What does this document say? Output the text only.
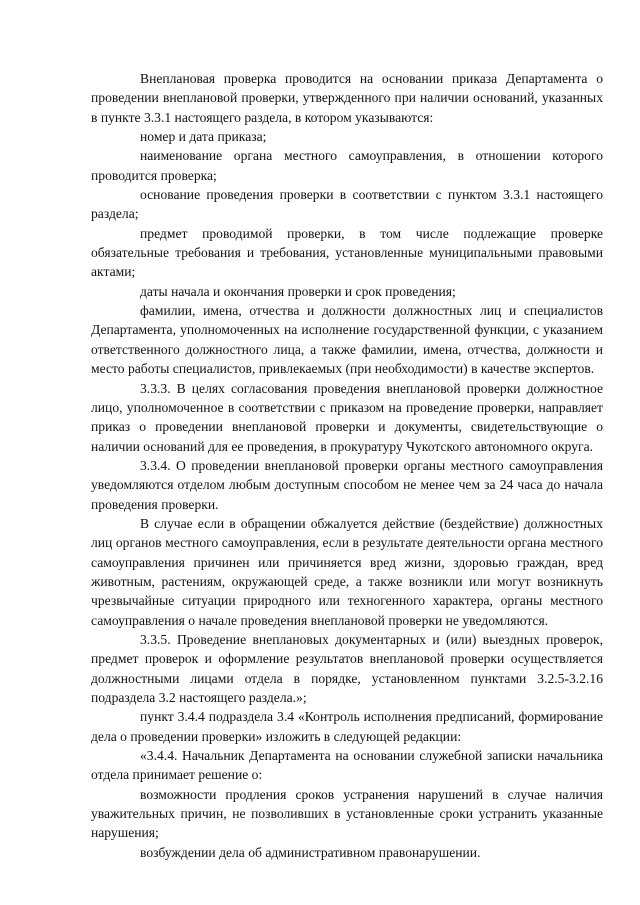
Внеплановая проверка проводится на основании приказа Департамента о проведении внеплановой проверки, утвержденного при наличии оснований, указанных в пункте 3.3.1 настоящего раздела, в котором указываются:

номер и дата приказа;

наименование органа местного самоуправления, в отношении которого проводится проверка;

основание проведения проверки в соответствии с пунктом 3.3.1 настоящего раздела;

предмет проводимой проверки, в том числе подлежащие проверке обязательные требования и требования, установленные муниципальными правовыми актами;

даты начала и окончания проверки и срок проведения;

фамилии, имена, отчества и должности должностных лиц и специалистов Департамента, уполномоченных на исполнение государственной функции, с указанием ответственного должностного лица, а также фамилии, имена, отчества, должности и место работы специалистов, привлекаемых (при необходимости) в качестве экспертов.

3.3.3. В целях согласования проведения внеплановой проверки должностное лицо, уполномоченное в соответствии с приказом на проведение проверки, направляет приказ о проведении внеплановой проверки и документы, свидетельствующие о наличии оснований для ее проведения, в прокуратуру Чукотского автономного округа.

3.3.4. О проведении внеплановой проверки органы местного самоуправления уведомляются отделом любым доступным способом не менее чем за 24 часа до начала проведения проверки.

В случае если в обращении обжалуется действие (бездействие) должностных лиц органов местного самоуправления, если в результате деятельности органа местного самоуправления причинен или причиняется вред жизни, здоровью граждан, вред животным, растениям, окружающей среде, а также возникли или могут возникнуть чрезвычайные ситуации природного или техногенного характера, органы местного самоуправления о начале проведения внеплановой проверки не уведомляются.

3.3.5. Проведение внеплановых документарных и (или) выездных проверок, предмет проверок и оформление результатов внеплановой проверки осуществляется должностными лицами отдела в порядке, установленном пунктами 3.2.5-3.2.16 подраздела 3.2 настоящего раздела.»;

пункт 3.4.4 подраздела 3.4 «Контроль исполнения предписаний, формирование дела о проведении проверки» изложить в следующей редакции:

«3.4.4. Начальник Департамента на основании служебной записки начальника отдела принимает решение о:

возможности продления сроков устранения нарушений в случае наличия уважительных причин, не позволивших в установленные сроки устранить указанные нарушения;

возбуждении дела об административном правонарушении.
